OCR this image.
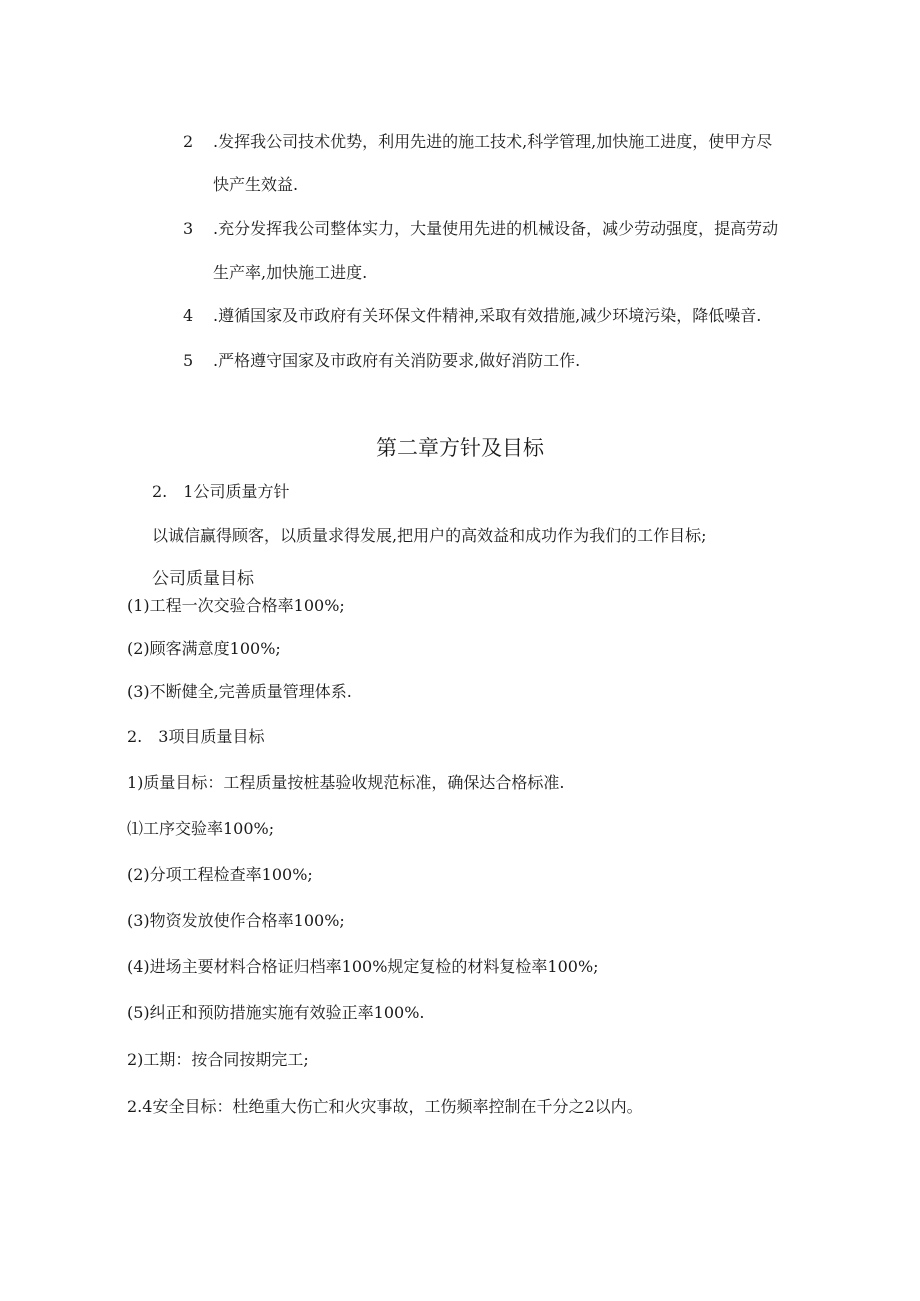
2 .发挥我公司技术优势，利用先进的施工技术,科学管理,加快施工进度，使甲方尽
快产生效益.
3 .充分发挥我公司整体实力，大量使用先进的机械设备，减少劳动强度，提高劳动
生产率,加快施工进度.
4 .遵循国家及市政府有关环保文件精神,采取有效措施,减少环境污染，降低噪音.
5 .严格遵守国家及市政府有关消防要求,做好消防工作.
第二章方针及目标
2.　1公司质量方针
以诚信赢得顾客，以质量求得发展,把用户的高效益和成功作为我们的工作目标;
公司质量目标
(1)工程一次交验合格率100%;
(2)顾客满意度100%;
(3)不断健全,完善质量管理体系.
2.　3项目质量目标
1)质量目标：工程质量按桩基验收规范标准，确保达合格标准.
⑴工序交验率100%;
(2)分项工程检查率100%;
(3)物资发放使作合格率100%;
(4)进场主要材料合格证归档率100%规定复检的材料复检率100%;
(5)纠正和预防措施实施有效验正率100%.
2)工期：按合同按期完工;
2.4安全目标：杜绝重大伤亡和火灾事故，工伤频率控制在千分之2以内。
